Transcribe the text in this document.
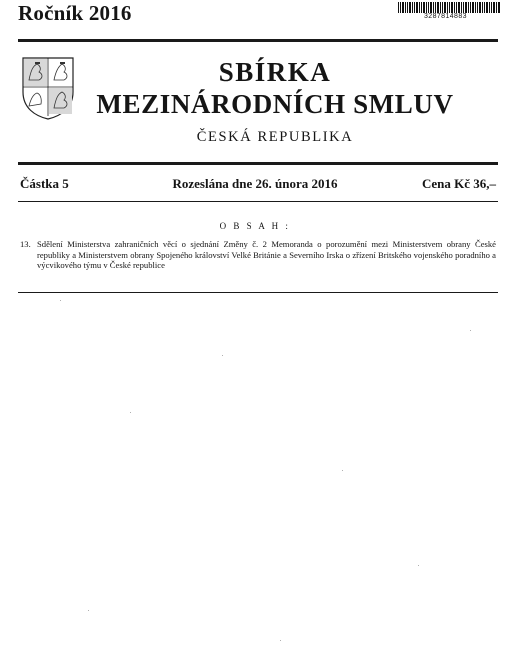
Ročník 2016	3287814883
SBÍRKA
MEZINÁRODNÍCH SMLUV
ČESKÁ REPUBLIKA
Částka 5	Rozeslána dne 26. února 2016	Cena Kč 36,–
O B S A H :
13. Sdělení Ministerstva zahraničních věcí o sjednání Změny č. 2 Memoranda o porozumění mezi Ministerstvem obrany České republiky a Ministerstvem obrany Spojeného království Velké Británie a Severního Irska o zřízení Britského vojenského poradního a výcvikového týmu v České republice
